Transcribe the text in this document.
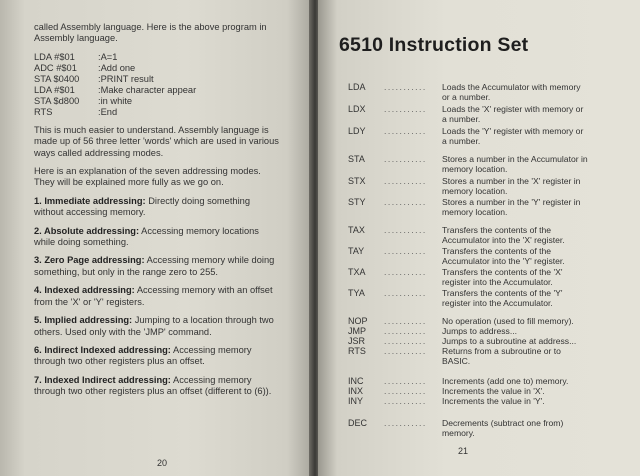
called Assembly language. Here is the above program in Assembly language.

LDA #$01	:A=1
ADC #$01	:Add one
STA $0400	:PRINT result
LDA #$01	:Make character appear
STA $d800	:in white
RTS	:End

This is much easier to understand. Assembly language is made up of 56 three letter 'words' which are used in various ways called addressing modes.

Here is an explanation of the seven addressing modes. They will be explained more fully as we go on.

1. Immediate addressing: Directly doing something without accessing memory.

2. Absolute addressing: Accessing memory locations while doing something.

3. Zero Page addressing: Accessing memory while doing something, but only in the range zero to 255.

4. Indexed addressing: Accessing memory with an offset from the 'X' or 'Y' registers.

5. Implied addressing: Jumping to a location through two others. Used only with the 'JMP' command.

6. Indirect Indexed addressing: Accessing memory through two other registers plus an offset.

7. Indexed Indirect addressing: Accessing memory through two other registers plus an offset (different to (6)).

20
6510 Instruction Set
LDA ........... Loads the Accumulator with memory or a number.
LDX ........... Loads the 'X' register with memory or a number.
LDY ........... Loads the 'Y' register with memory or a number.
STA ........... Stores a number in the Accumulator in memory location.
STX ........... Stores a number in the 'X' register in memory location.
STY ........... Stores a number in the 'Y' register in memory location.
TAX ........... Transfers the contents of the Accumulator into the 'X' register.
TAY ........... Transfers the contents of the Accumulator into the 'Y' register.
TXA ........... Transfers the contents of the 'X' register into the Accumulator.
TYA ........... Transfers the contents of the 'Y' register into the Accumulator.
NOP ........... No operation (used to fill memory).
JMP ........... Jumps to address...
JSR ........... Jumps to a subroutine at address...
RTS ........... Returns from a subroutine or to BASIC.
INC ........... Increments (add one to) memory.
INX ........... Increments the value in 'X'.
INY ........... Increments the value in 'Y'.
DEC ........... Decrements (subtract one from) memory.
21
